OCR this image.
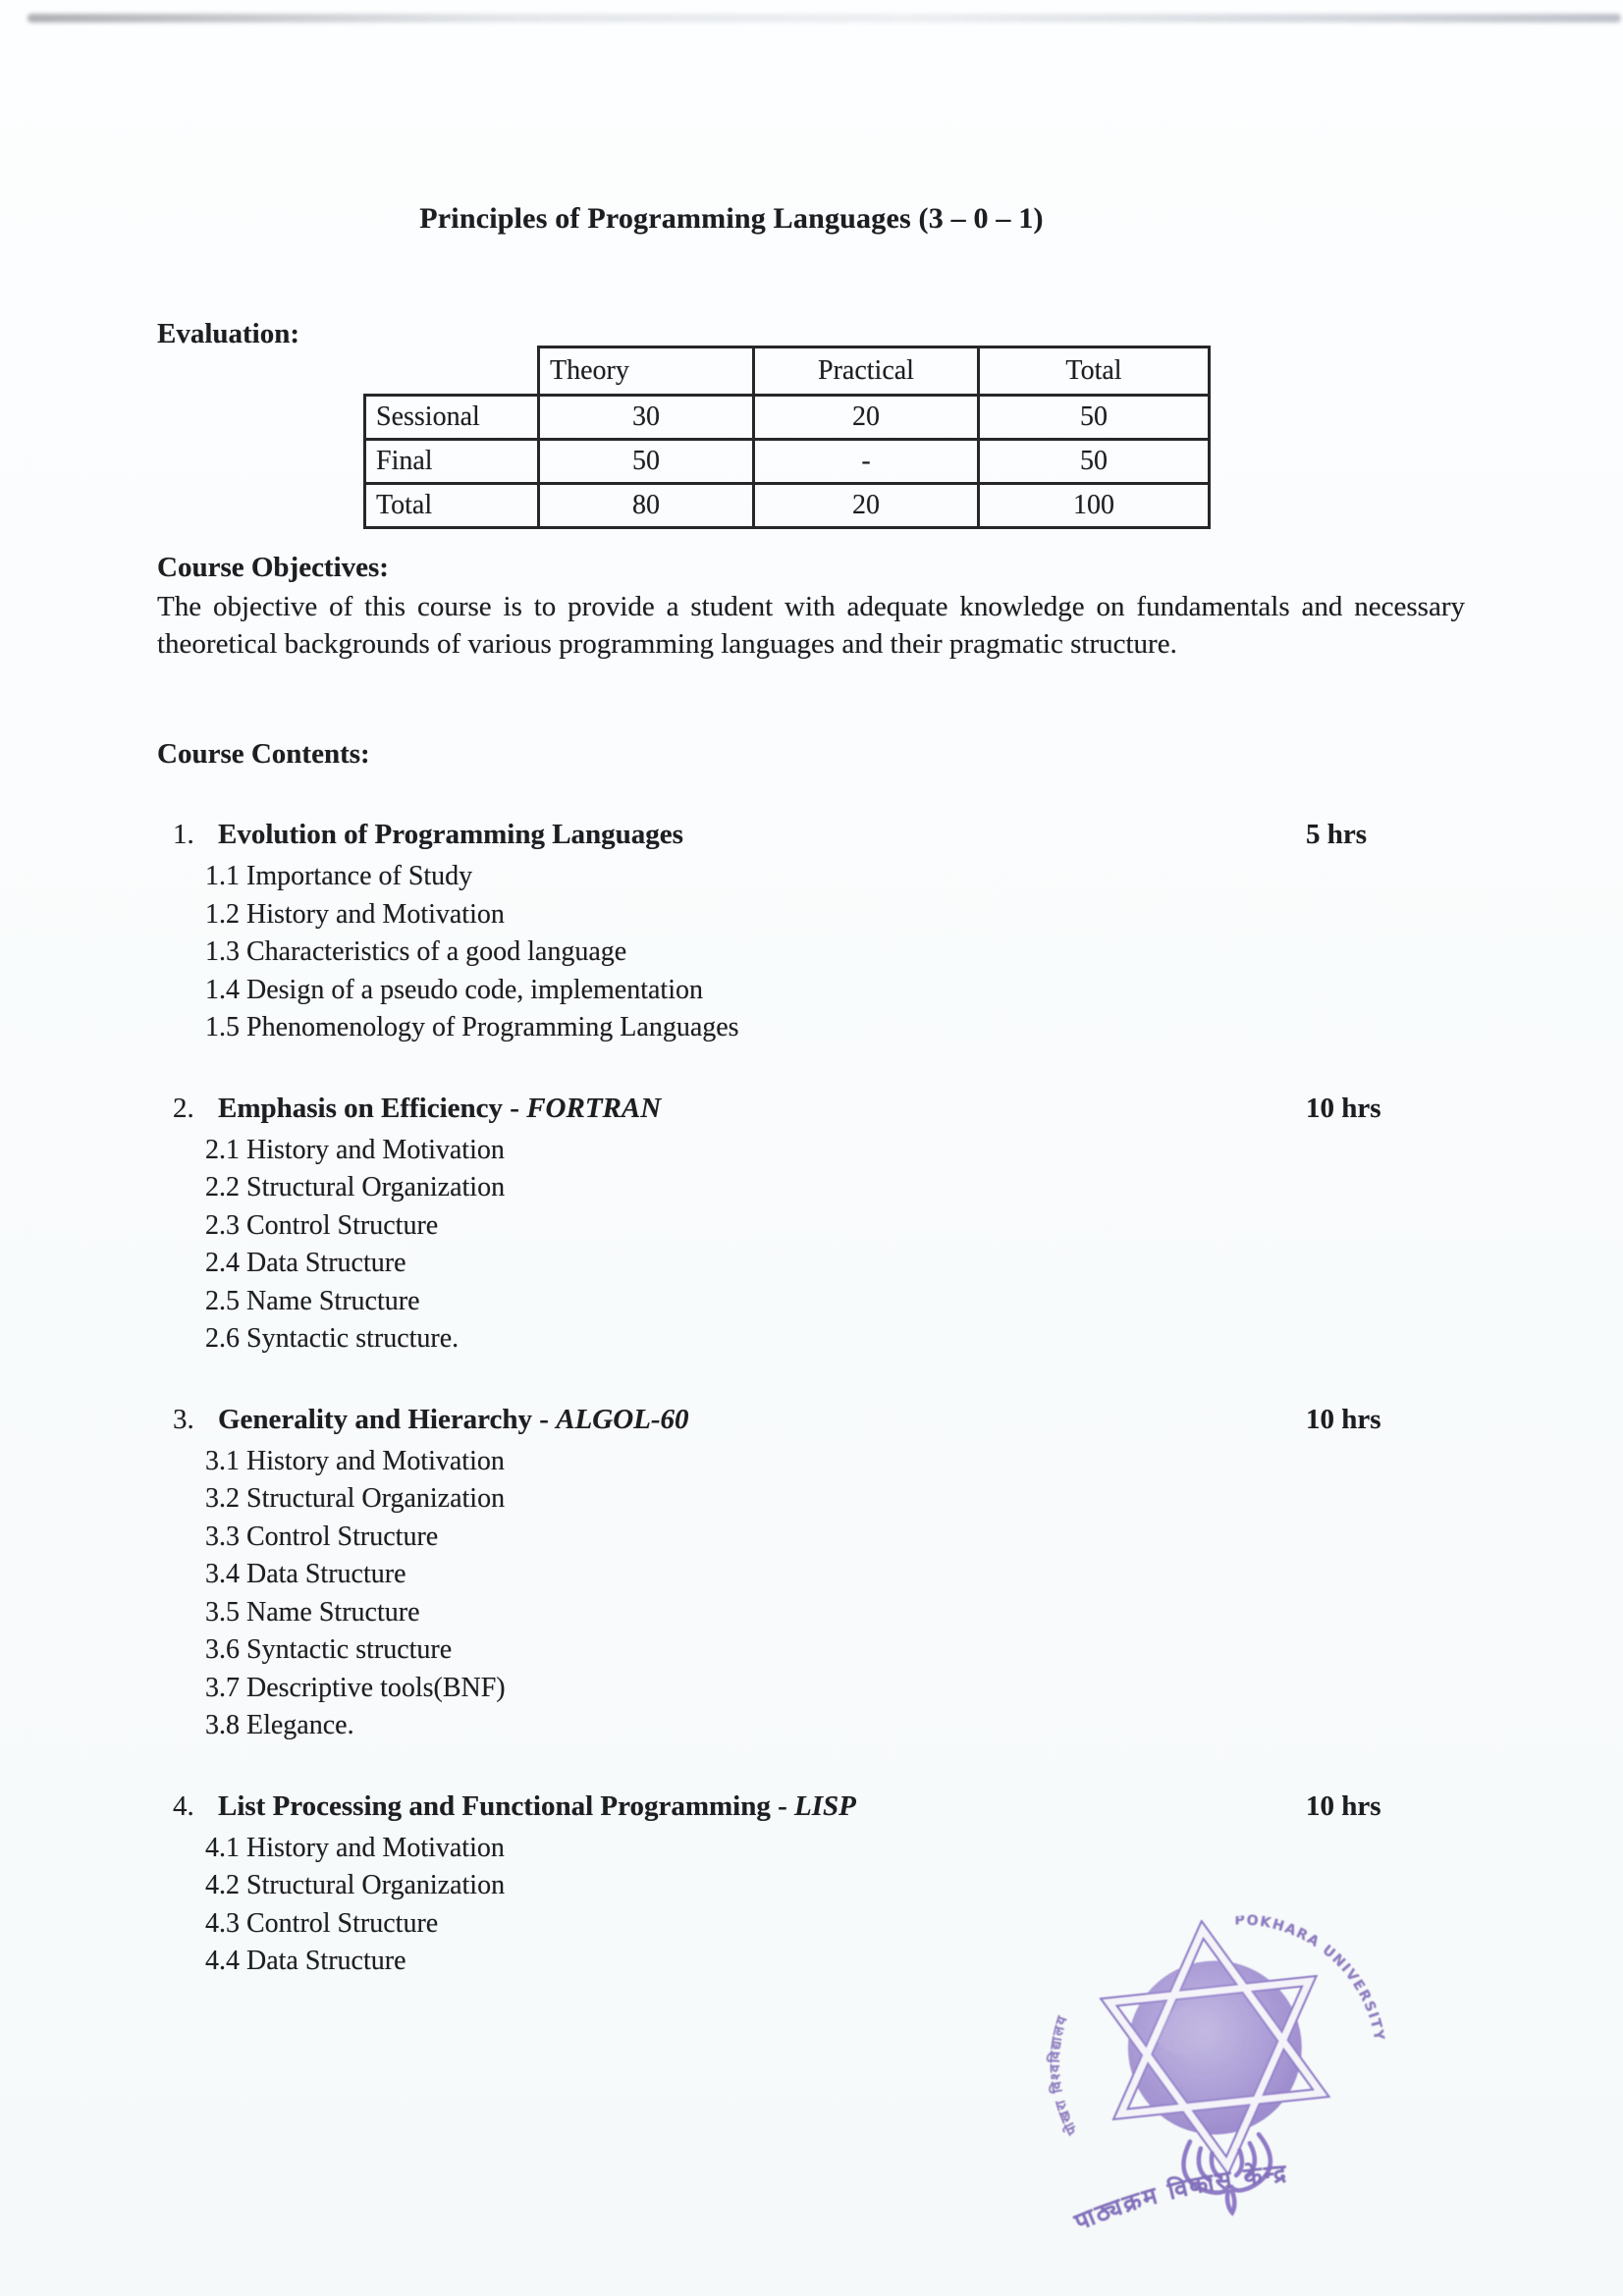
Principles of Programming Languages (3 – 0 – 1)
Evaluation:
	Theory	Practical	Total
Sessional	30	20	50
Final	50	-	50
Total	80	20	100

Course Objectives:

The objective of this course is to provide a student with adequate knowledge on fundamentals and necessary theoretical backgrounds of various programming languages and their pragmatic structure.

Course Contents:
1. Evolution of Programming Languages	5 hrs
1.1 Importance of Study
1.2 History and Motivation
1.3 Characteristics of a good language
1.4 Design of a pseudo code, implementation
1.5 Phenomenology of Programming Languages
2. Emphasis on Efficiency - FORTRAN	10 hrs
2.1 History and Motivation
2.2 Structural Organization
2.3 Control Structure
2.4 Data Structure
2.5 Name Structure
2.6 Syntactic structure.
3. Generality and Hierarchy - ALGOL-60	10 hrs
3.1 History and Motivation
3.2 Structural Organization
3.3 Control Structure
3.4 Data Structure
3.5 Name Structure
3.6 Syntactic structure
3.7 Descriptive tools(BNF)
3.8 Elegance.
4. List Processing and Functional Programming - LISP	10 hrs
4.1 History and Motivation
4.2 Structural Organization
4.3 Control Structure
4.4 Data Structure
पोखरा विश्वविद्यालय
POKHARA UNIVERSITY
पाठ्यक्रम विकास केन्द्र
